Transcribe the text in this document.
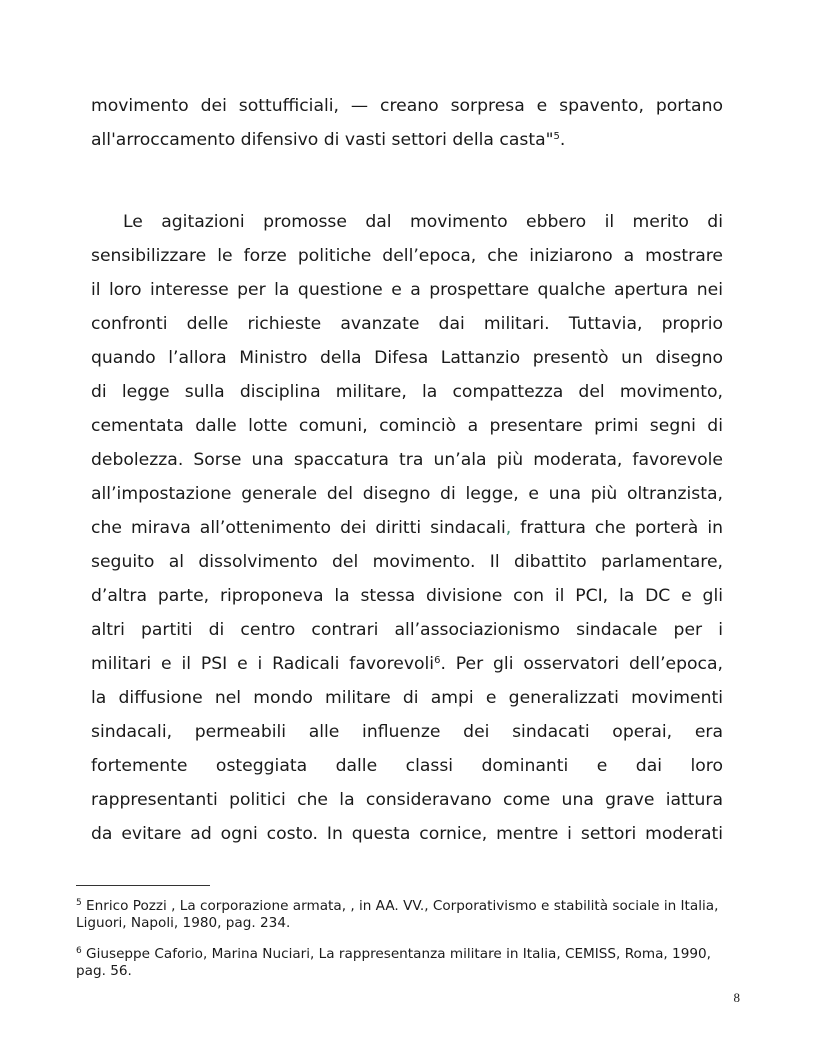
movimento dei sottufficiali, — creano sorpresa e spavento, portano
all'arroccamento difensivo di vasti settori della casta"$^5$.
Le agitazioni promosse dal movimento ebbero il merito di
sensibilizzare le forze politiche dell’epoca, che iniziarono a mostrare
il loro interesse per la questione e a prospettare qualche apertura nei
confronti delle richieste avanzate dai militari. Tuttavia, proprio
quando l’allora Ministro della Difesa Lattanzio presentò un disegno
di legge sulla disciplina militare, la compattezza del movimento,
cementata dalle lotte comuni, cominciò a presentare primi segni di
debolezza. Sorse una spaccatura tra un’ala più moderata, favorevole
all’impostazione generale del disegno di legge, e una più oltranzista,
che mirava all’ottenimento dei diritti sindacali, frattura che porterà in
seguito al dissolvimento del movimento. Il dibattito parlamentare,
d’altra parte, riproponeva la stessa divisione con il PCI, la DC e gli
altri partiti di centro contrari all’associazionismo sindacale per i
militari e il PSI e i Radicali favorevoli$^6$. Per gli osservatori dell’epoca,
la diffusione nel mondo militare di ampi e generalizzati movimenti
sindacali, permeabili alle influenze dei sindacati operai, era
fortemente osteggiata dalle classi dominanti e dai loro
rappresentanti politici che la consideravano come una grave iattura
da evitare ad ogni costo. In questa cornice, mentre i settori moderati
$^5$ Enrico Pozzi , La corporazione armata, , in AA. VV., Corporativismo e stabilità sociale in Italia, Liguori, Napoli, 1980, pag. 234.
$^6$ Giuseppe Caforio, Marina Nuciari, La rappresentanza militare in Italia, CEMISS, Roma, 1990, pag. 56.
8
